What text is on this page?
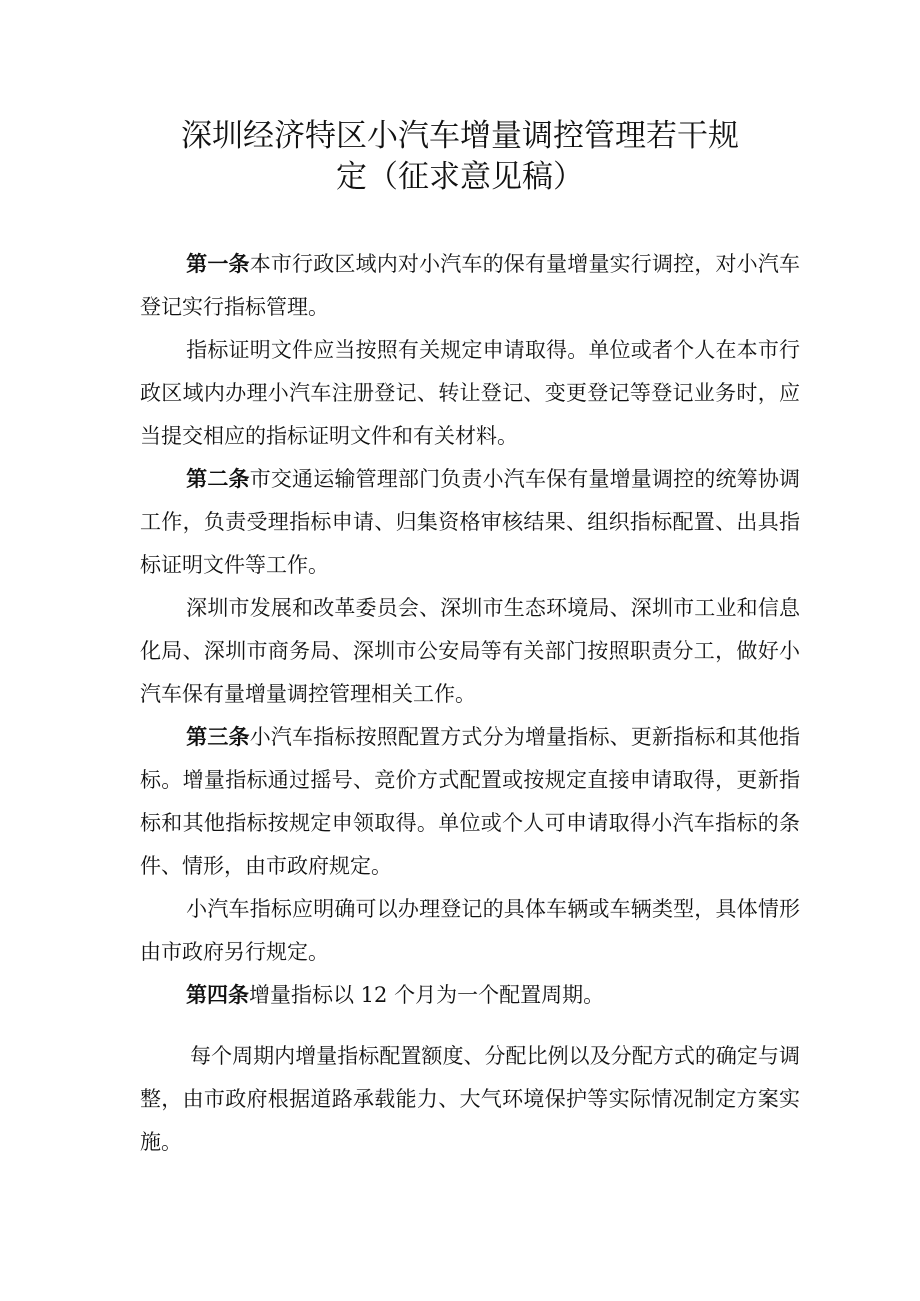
深圳经济特区小汽车增量调控管理若干规
定（征求意见稿）

第一条本市行政区域内对小汽车的保有量增量实行调控，对小汽车登记实行指标管理。

指标证明文件应当按照有关规定申请取得。单位或者个人在本市行政区域内办理小汽车注册登记、转让登记、变更登记等登记业务时，应当提交相应的指标证明文件和有关材料。

第二条市交通运输管理部门负责小汽车保有量增量调控的统筹协调工作，负责受理指标申请、归集资格审核结果、组织指标配置、出具指标证明文件等工作。

深圳市发展和改革委员会、深圳市生态环境局、深圳市工业和信息化局、深圳市商务局、深圳市公安局等有关部门按照职责分工，做好小汽车保有量增量调控管理相关工作。

第三条小汽车指标按照配置方式分为增量指标、更新指标和其他指标。增量指标通过摇号、竞价方式配置或按规定直接申请取得，更新指标和其他指标按规定申领取得。单位或个人可申请取得小汽车指标的条件、情形，由市政府规定。

小汽车指标应明确可以办理登记的具体车辆或车辆类型，具体情形由市政府另行规定。

第四条增量指标以 12 个月为一个配置周期。

每个周期内增量指标配置额度、分配比例以及分配方式的确定与调整，由市政府根据道路承载能力、大气环境保护等实际情况制定方案实施。
